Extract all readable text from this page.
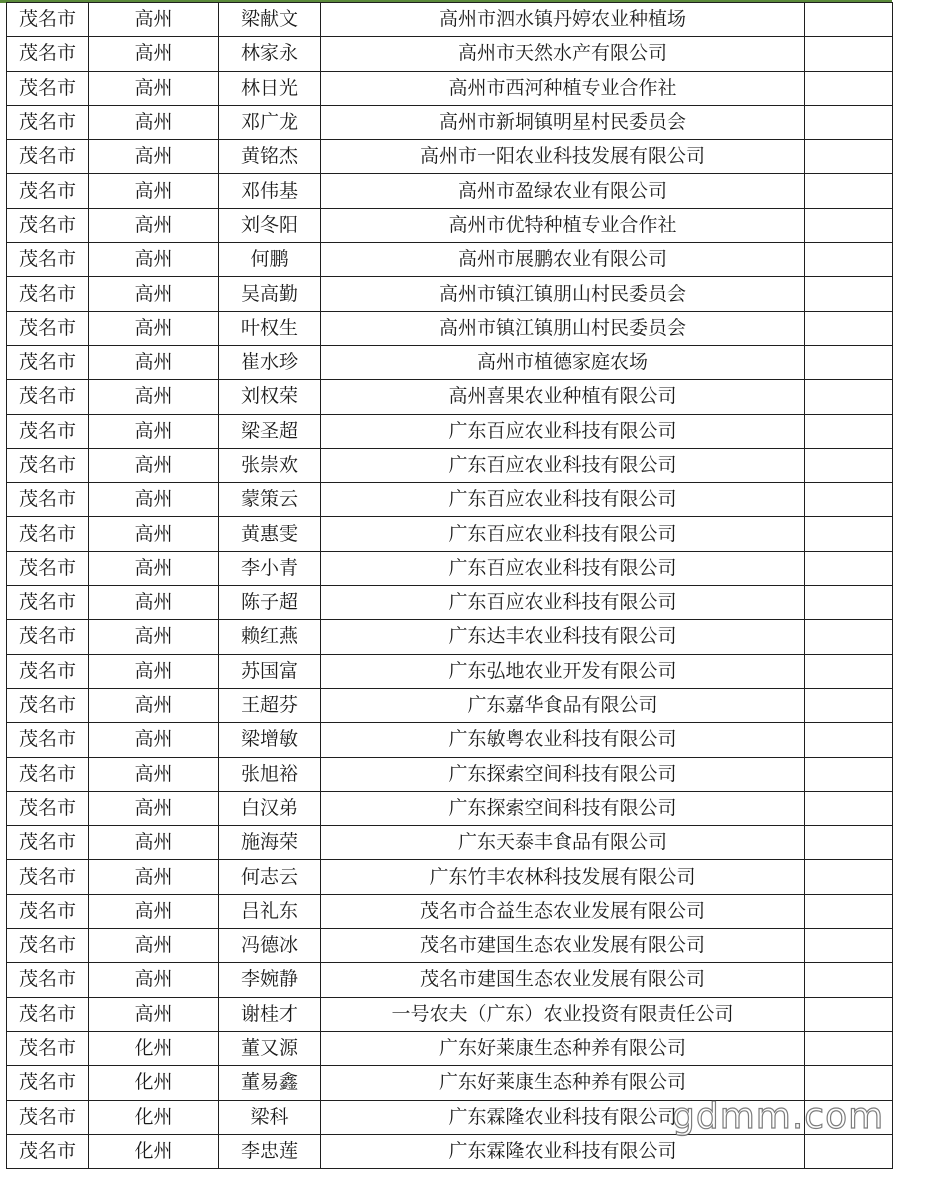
茂名市	高州	梁献文	高州市泗水镇丹婷农业种植场	
茂名市	高州	林家永	高州市天然水产有限公司	
茂名市	高州	林日光	高州市西河种植专业合作社	
茂名市	高州	邓广龙	高州市新垌镇明星村民委员会	
茂名市	高州	黄铭杰	高州市一阳农业科技发展有限公司	
茂名市	高州	邓伟基	高州市盈绿农业有限公司	
茂名市	高州	刘冬阳	高州市优特种植专业合作社	
茂名市	高州	何鹏	高州市展鹏农业有限公司	
茂名市	高州	吴高勤	高州市镇江镇朋山村民委员会	
茂名市	高州	叶权生	高州市镇江镇朋山村民委员会	
茂名市	高州	崔水珍	高州市植德家庭农场	
茂名市	高州	刘权荣	高州喜果农业种植有限公司	
茂名市	高州	梁圣超	广东百应农业科技有限公司	
茂名市	高州	张崇欢	广东百应农业科技有限公司	
茂名市	高州	蒙策云	广东百应农业科技有限公司	
茂名市	高州	黄惠雯	广东百应农业科技有限公司	
茂名市	高州	李小青	广东百应农业科技有限公司	
茂名市	高州	陈子超	广东百应农业科技有限公司	
茂名市	高州	赖红燕	广东达丰农业科技有限公司	
茂名市	高州	苏国富	广东弘地农业开发有限公司	
茂名市	高州	王超芬	广东嘉华食品有限公司	
茂名市	高州	梁增敏	广东敏粤农业科技有限公司	
茂名市	高州	张旭裕	广东探索空间科技有限公司	
茂名市	高州	白汉弟	广东探索空间科技有限公司	
茂名市	高州	施海荣	广东天泰丰食品有限公司	
茂名市	高州	何志云	广东竹丰农林科技发展有限公司	
茂名市	高州	吕礼东	茂名市合益生态农业发展有限公司	
茂名市	高州	冯德冰	茂名市建国生态农业发展有限公司	
茂名市	高州	李婉静	茂名市建国生态农业发展有限公司	
茂名市	高州	谢桂才	一号农夫（广东）农业投资有限责任公司	
茂名市	化州	董又源	广东好莱康生态种养有限公司	
茂名市	化州	董易鑫	广东好莱康生态种养有限公司	
茂名市	化州	梁科	广东霖隆农业科技有限公司	
茂名市	化州	李忠莲	广东霖隆农业科技有限公司	
gdmm.com
